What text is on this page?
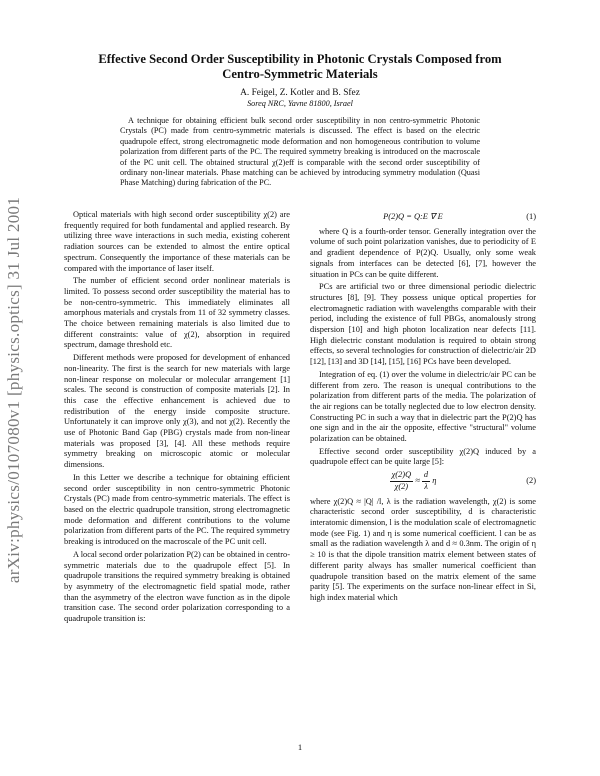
arXiv:physics/0107080v1 [physics.optics] 31 Jul 2001
Effective Second Order Susceptibility in Photonic Crystals Composed from
Centro-Symmetric Materials
A. Feigel, Z. Kotler and B. Sfez
Soreq NRC, Yavne 81800, Israel

A technique for obtaining efficient bulk second order susceptibility in non centro-symmetric Photonic Crystals (PC) made from centro-symmetric materials is discussed. The effect is based on the electric quadrupole effect, strong electromagnetic mode deformation and non homogeneous contribution to volume polarization from different parts of the PC. The required symmetry breaking is introduced on the macroscale of the PC unit cell. The obtained structural χ(2)eff is comparable with the second order susceptibility of ordinary non-linear materials. Phase matching can be achieved by introducing symmetry modulation (Quasi Phase Matching) during fabrication of the PC.

Optical materials with high second order susceptibility χ(2) are frequently required for both fundamental and applied research. By utilizing three wave interactions in such media, existing coherent radiation sources can be extended to almost the entire optical spectrum. Consequently the importance of these materials can be compared with the importance of laser itself.

The number of efficient second order nonlinear materials is limited. To possess second order susceptibility the material has to be non-centro-symmetric. This immediately eliminates all amorphous materials and crystals from 11 of 32 symmetry classes. The choice between remaining materials is also limited due to different constraints: value of χ(2), absorption in required spectrum, damage threshold etc.

Different methods were proposed for development of enhanced non-linearity. The first is the search for new materials with large non-linear response on molecular or molecular arrangement [1] scales. The second is construction of composite materials [2]. In this case the effective enhancement is achieved due to redistribution of the energy inside composite structure. Unfortunately it can improve only χ(3), and not χ(2). Recently the use of Photonic Band Gap (PBG) crystals made from non-linear materials was proposed [3], [4]. All these methods require symmetry breaking on microscopic atomic or molecular dimensions.

In this Letter we describe a technique for obtaining efficient second order susceptibility in non centro-symmetric Photonic Crystals (PC) made from centro-symmetric materials. The effect is based on the electric quadrupole transition, strong electromagnetic mode deformation and different contributions to the volume polarization from different parts of the PC. The required symmetry breaking is introduced on the macroscale of the PC unit cell.

A local second order polarization P(2) can be obtained in centro-symmetric materials due to the quadrupole effect [5]. In quadrupole transitions the required symmetry breaking is obtained by asymmetry of the electromagnetic field spatial mode, rather than the asymmetry of the electron wave function as in the dipole transition case. The second order polarization corresponding to a quadrupole transition is:

P(2)Q = Q:E ∇ E	(1)

where Q is a fourth-order tensor. Generally integration over the volume of such point polarization vanishes, due to periodicity of E and gradient dependence of P(2)Q. Usually, only some weak signals from interfaces can be detected [6], [7], however the situation in PCs can be quite different.

PCs are artificial two or three dimensional periodic dielectric structures [8], [9]. They possess unique optical properties for electromagnetic radiation with wavelengths comparable with their period, including the existence of full PBGs, anomalously strong dispersion [10] and high photon localization near defects [11]. High dielectric constant modulation is required to obtain strong effects, so several technologies for construction of dielectric/air 2D [12], [13] and 3D [14], [15], [16] PCs have been developed.

Integration of eq. (1) over the volume in dielectric/air PC can be different from zero. The reason is unequal contributions to the polarization from different parts of the media. The polarization of the air regions can be totally neglected due to low electron density. Constructing PC in such a way that in dielectric part the P(2)Q has one sign and in the air the opposite, effective "structural" volume polarization can be obtained.

Effective second order susceptibility χ(2)Q induced by a quadrupole effect can be quite large [5]:

$\frac{\chi(2)Q}{\chi(2)} \approx \frac{d}{\lambda}$ η	(2)

where χ(2)Q ≈ |Q| /l, λ is the radiation wavelength, χ(2) is some characteristic second order susceptibility, d is characteristic interatomic dimension, l is the modulation scale of electromagnetic mode (see Fig. 1) and η is some numerical coefficient. l can be as small as the radiation wavelength λ and d ≈ 0.3nm. The origin of η ≥ 10 is that the dipole transition matrix element between states of different parity always has smaller numerical coefficient than quadrupole transition based on the matrix element of the same parity [5]. The experiments on the surface non-linear effect in Si, high index material which

1
